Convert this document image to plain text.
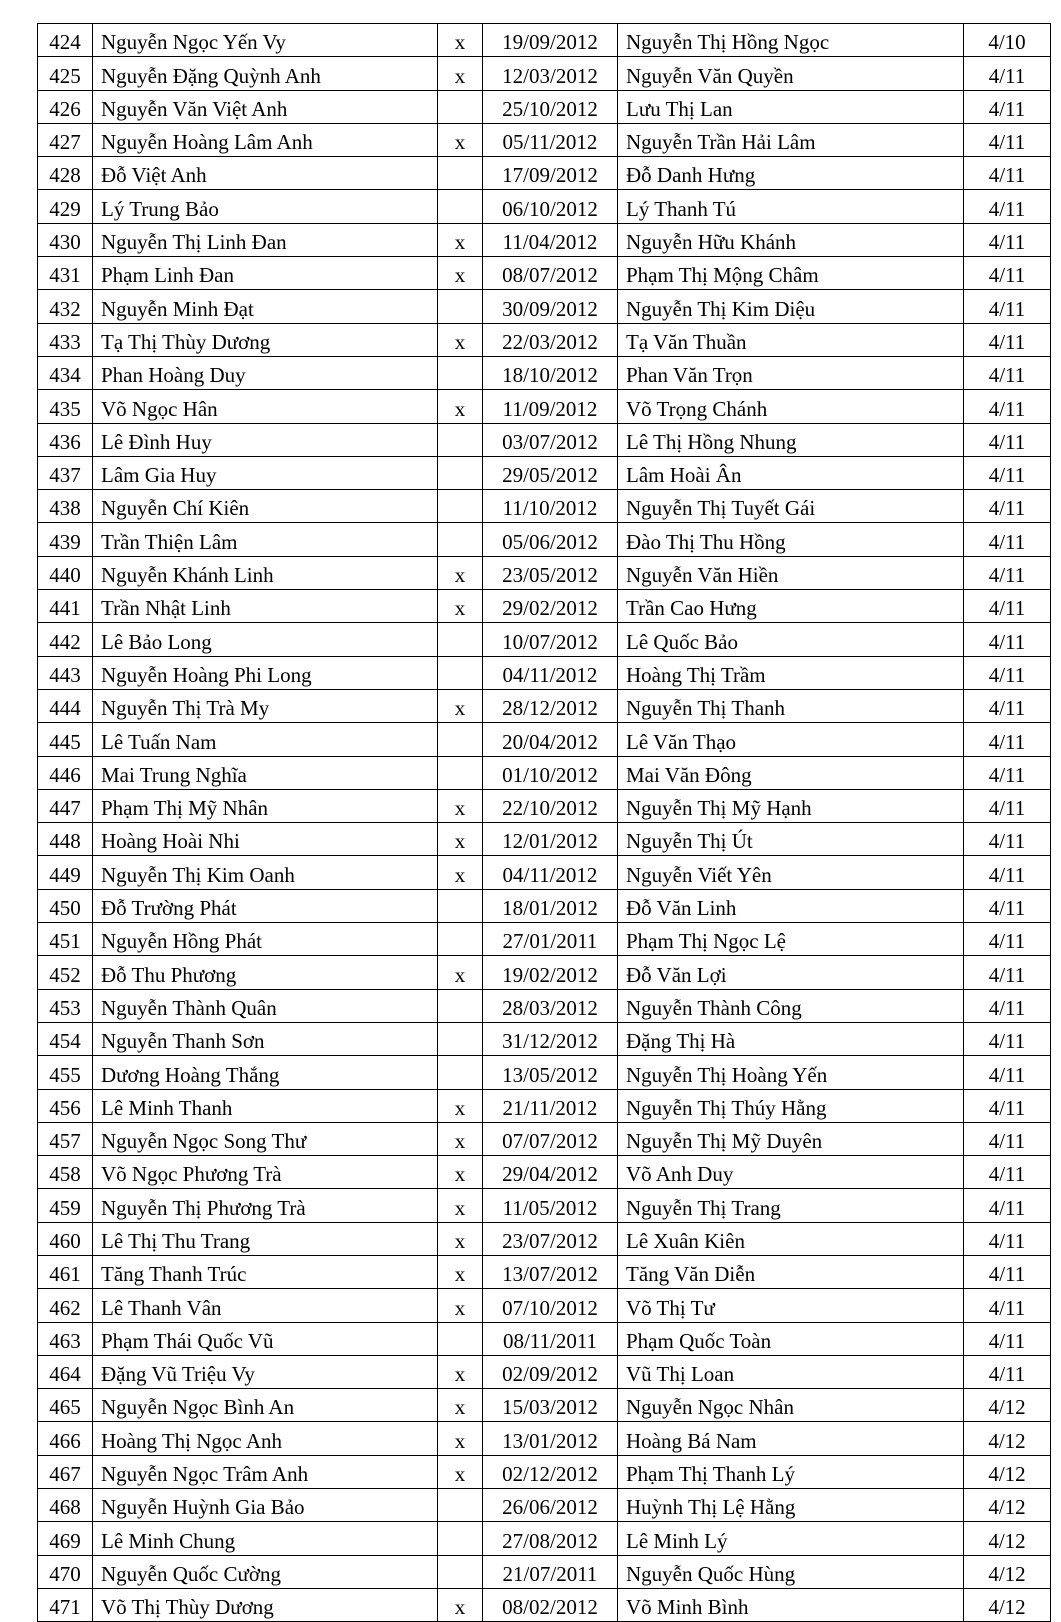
424	Nguyễn Ngọc Yến Vy	x	19/09/2012	Nguyễn Thị Hồng Ngọc	4/10
425	Nguyễn Đặng Quỳnh Anh	x	12/03/2012	Nguyễn Văn Quyền	4/11
426	Nguyễn Văn Việt Anh		25/10/2012	Lưu Thị Lan	4/11
427	Nguyễn Hoàng Lâm Anh	x	05/11/2012	Nguyễn Trần Hải Lâm	4/11
428	Đỗ Việt Anh		17/09/2012	Đỗ Danh Hưng	4/11
429	Lý Trung Bảo		06/10/2012	Lý Thanh Tú	4/11
430	Nguyễn Thị Linh Đan	x	11/04/2012	Nguyễn Hữu Khánh	4/11
431	Phạm Linh Đan	x	08/07/2012	Phạm Thị Mộng Châm	4/11
432	Nguyễn Minh Đạt		30/09/2012	Nguyễn Thị Kim Diệu	4/11
433	Tạ Thị Thùy Dương	x	22/03/2012	Tạ Văn Thuần	4/11
434	Phan Hoàng Duy		18/10/2012	Phan Văn Trọn	4/11
435	Võ Ngọc Hân	x	11/09/2012	Võ Trọng Chánh	4/11
436	Lê Đình Huy		03/07/2012	Lê Thị Hồng Nhung	4/11
437	Lâm Gia Huy		29/05/2012	Lâm Hoài Ân	4/11
438	Nguyễn Chí Kiên		11/10/2012	Nguyễn Thị Tuyết Gái	4/11
439	Trần Thiện Lâm		05/06/2012	Đào Thị Thu Hồng	4/11
440	Nguyễn Khánh Linh	x	23/05/2012	Nguyễn Văn Hiền	4/11
441	Trần Nhật Linh	x	29/02/2012	Trần Cao Hưng	4/11
442	Lê Bảo Long		10/07/2012	Lê Quốc Bảo	4/11
443	Nguyễn Hoàng Phi Long		04/11/2012	Hoàng Thị Trầm	4/11
444	Nguyễn Thị Trà My	x	28/12/2012	Nguyễn Thị Thanh	4/11
445	Lê Tuấn Nam		20/04/2012	Lê Văn Thạo	4/11
446	Mai Trung Nghĩa		01/10/2012	Mai Văn Đông	4/11
447	Phạm Thị Mỹ Nhân	x	22/10/2012	Nguyễn Thị Mỹ Hạnh	4/11
448	Hoàng Hoài Nhi	x	12/01/2012	Nguyễn Thị Út	4/11
449	Nguyễn Thị Kim Oanh	x	04/11/2012	Nguyễn Viết Yên	4/11
450	Đỗ Trường Phát		18/01/2012	Đỗ Văn Linh	4/11
451	Nguyễn Hồng Phát		27/01/2011	Phạm Thị Ngọc Lệ	4/11
452	Đỗ Thu Phương	x	19/02/2012	Đỗ Văn Lợi	4/11
453	Nguyễn Thành Quân		28/03/2012	Nguyễn Thành Công	4/11
454	Nguyễn Thanh Sơn		31/12/2012	Đặng Thị Hà	4/11
455	Dương Hoàng Thắng		13/05/2012	Nguyễn Thị Hoàng Yến	4/11
456	Lê Minh Thanh	x	21/11/2012	Nguyễn Thị Thúy Hằng	4/11
457	Nguyễn Ngọc Song Thư	x	07/07/2012	Nguyễn Thị Mỹ Duyên	4/11
458	Võ Ngọc Phương Trà	x	29/04/2012	Võ Anh Duy	4/11
459	Nguyễn Thị Phương Trà	x	11/05/2012	Nguyễn Thị Trang	4/11
460	Lê Thị Thu Trang	x	23/07/2012	Lê Xuân Kiên	4/11
461	Tăng Thanh Trúc	x	13/07/2012	Tăng Văn Diễn	4/11
462	Lê Thanh Vân	x	07/10/2012	Võ Thị Tư	4/11
463	Phạm Thái Quốc Vũ		08/11/2011	Phạm Quốc Toàn	4/11
464	Đặng Vũ Triệu Vy	x	02/09/2012	Vũ Thị Loan	4/11
465	Nguyễn Ngọc Bình An	x	15/03/2012	Nguyễn Ngọc Nhân	4/12
466	Hoàng Thị Ngọc Anh	x	13/01/2012	Hoàng Bá Nam	4/12
467	Nguyễn Ngọc Trâm Anh	x	02/12/2012	Phạm Thị Thanh Lý	4/12
468	Nguyễn Huỳnh Gia Bảo		26/06/2012	Huỳnh Thị Lệ Hằng	4/12
469	Lê Minh Chung		27/08/2012	Lê Minh Lý	4/12
470	Nguyễn Quốc Cường		21/07/2011	Nguyễn Quốc Hùng	4/12
471	Võ Thị Thùy Dương	x	08/02/2012	Võ Minh Bình	4/12
